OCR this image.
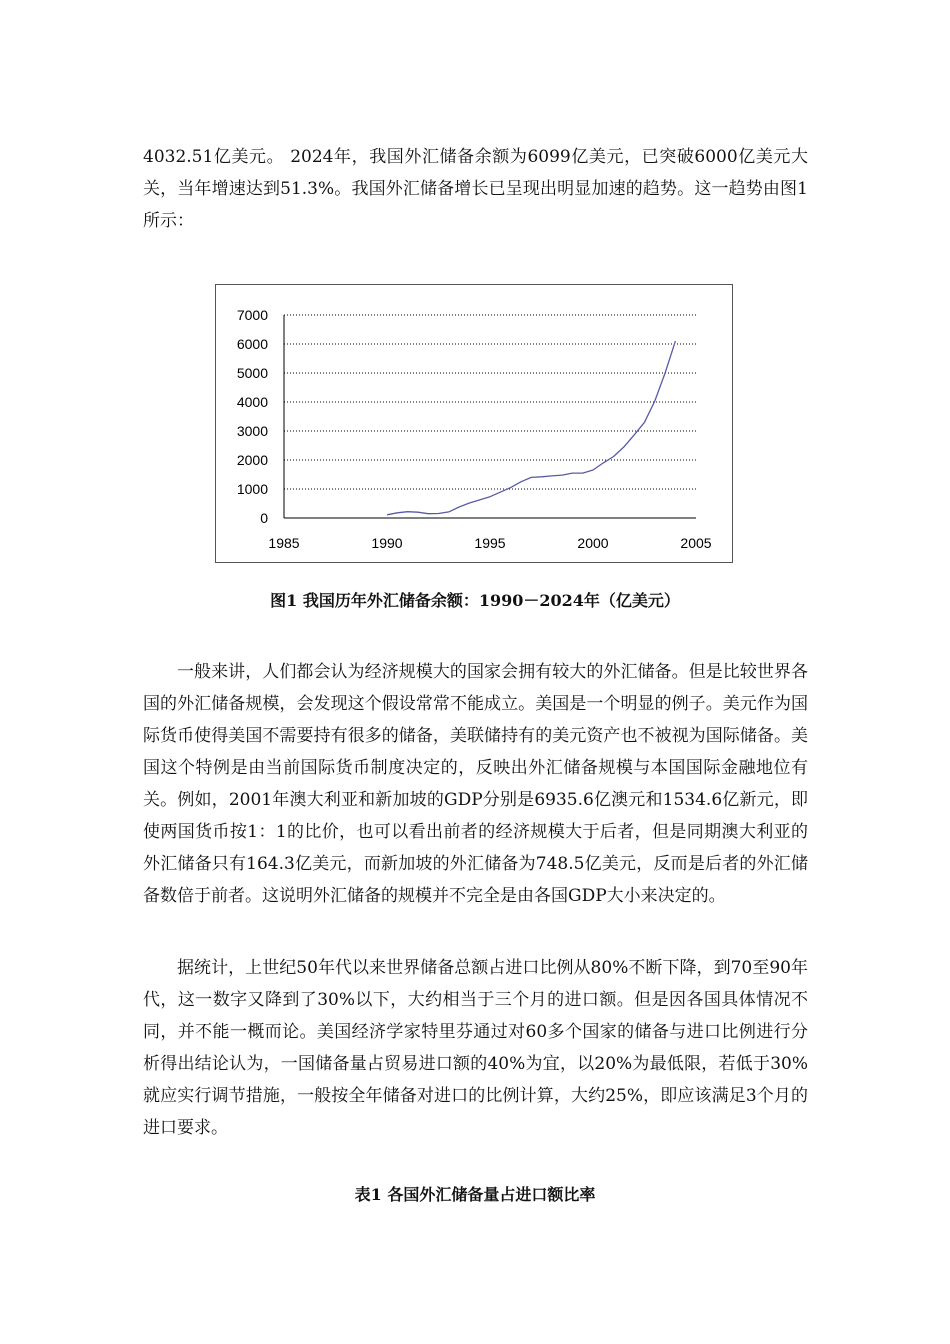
4032.51亿美元。 2024年，我国外汇储备余额为6099亿美元，已突破6000亿美元大关，当年增速达到51.3%。我国外汇储备增长已呈现出明显加速的趋势。这一趋势由图1所示：

0
1000
2000
3000
4000
5000
6000
7000
1985	1990	1995	2000	2005

图1 我国历年外汇储备余额：1990－2024年（亿美元）

一般来讲，人们都会认为经济规模大的国家会拥有较大的外汇储备。但是比较世界各国的外汇储备规模，会发现这个假设常常不能成立。美国是一个明显的例子。美元作为国际货币使得美国不需要持有很多的储备，美联储持有的美元资产也不被视为国际储备。美国这个特例是由当前国际货币制度决定的，反映出外汇储备规模与本国国际金融地位有关。例如，2001年澳大利亚和新加坡的GDP分别是6935.6亿澳元和1534.6亿新元，即使两国货币按1：1的比价，也可以看出前者的经济规模大于后者，但是同期澳大利亚的外汇储备只有164.3亿美元，而新加坡的外汇储备为748.5亿美元，反而是后者的外汇储备数倍于前者。这说明外汇储备的规模并不完全是由各国GDP大小来决定的。

据统计，上世纪50年代以来世界储备总额占进口比例从80%不断下降，到70至90年代，这一数字又降到了30%以下，大约相当于三个月的进口额。但是因各国具体情况不同，并不能一概而论。美国经济学家特里芬通过对60多个国家的储备与进口比例进行分析得出结论认为，一国储备量占贸易进口额的40%为宜，以20%为最低限，若低于30%就应实行调节措施，一般按全年储备对进口的比例计算，大约25%，即应该满足3个月的进口要求。

表1 各国外汇储备量占进口额比率
